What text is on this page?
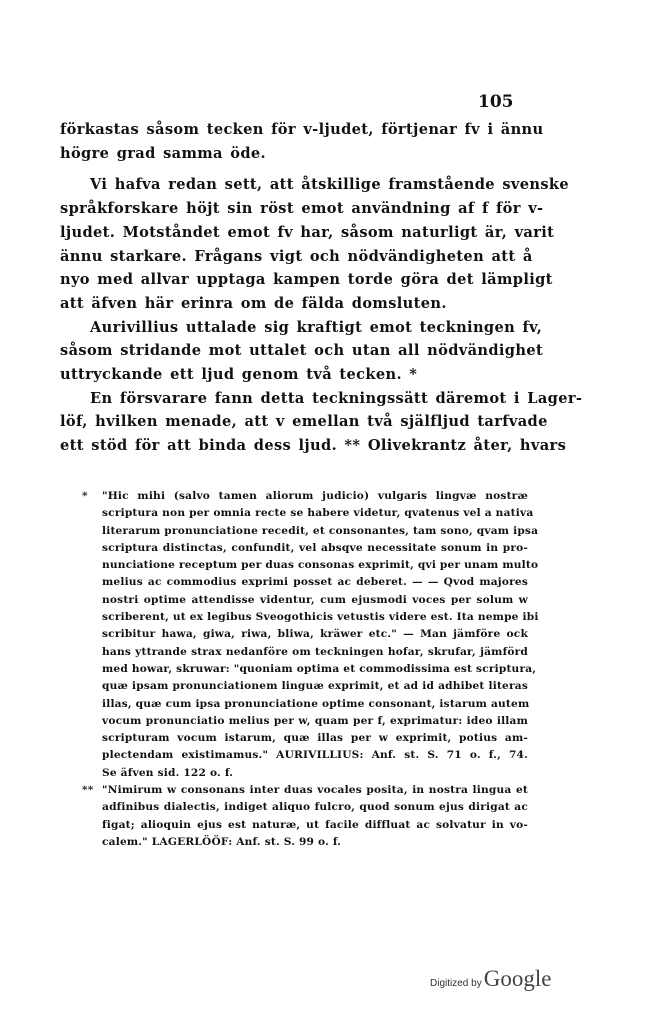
105

förkastas såsom tecken för v-ljudet, förtjenar fv i ännu
högre grad samma öde.

Vi hafva redan sett, att åtskillige framstående svenske
språkforskare höjt sin röst emot användning af f för v-
ljudet. Motståndet emot fv har, såsom naturligt är, varit
ännu starkare. Frågans vigt och nödvändigheten att å
nyo med allvar upptaga kampen torde göra det lämpligt
att äfven här erinra om de fälda domsluten.

Aurivillius uttalade sig kraftigt emot teckningen fv,
såsom stridande mot uttalet och utan all nödvändighet
uttryckande ett ljud genom två tecken. *

En försvarare fann detta teckningssätt däremot i Lager-
löf, hvilken menade, att v emellan två själfljud tarfvade
ett stöd för att binda dess ljud. ** Olivekrantz åter, hvars

*	"Hic mihi (salvo tamen aliorum judicio) vulgaris lingvæ nostræ
scriptura non per omnia recte se habere videtur, qvatenus vel a nativa
literarum pronunciatione recedit, et consonantes, tam sono, qvam ipsa
scriptura distinctas, confundit, vel absqve necessitate sonum in pro-
nunciatione receptum per duas consonas exprimit, qvi per unam multo
melius ac commodius exprimi posset ac deberet. — — Qvod majores
nostri optime attendisse videntur, cum ejusmodi voces per solum w
scriberent, ut ex legibus Sveogothicis vetustis videre est. Ita nempe ibi
scribitur hawa, giwa, riwa, bliwa, kräwer etc." — Man jämföre ock
hans yttrande strax nedanföre om teckningen hofar, skrufar, jämförd
med howar, skruwar: "quoniam optima et commodissima est scriptura,
quæ ipsam pronunciationem linguæ exprimit, et ad id adhibet literas
illas, quæ cum ipsa pronunciatione optime consonant, istarum autem
vocum pronunciatio melius per w, quam per f, exprimatur: ideo illam
scripturam vocum istarum, quæ illas per w exprimit, potius am-
plectendam existimamus." AURIVILLIUS: Anf. st. S. 71 o. f., 74.
Se äfven sid. 122 o. f.
** "Nimirum w consonans inter duas vocales posita, in nostra lingua et
adfinibus dialectis, indiget aliquo fulcro, quod sonum ejus dirigat ac
figat; alioquin ejus est naturæ, ut facile diffluat ac solvatur in vo-
calem." LAGERLÖÖF: Anf. st. S. 99 o. f.
Digitized by Google
